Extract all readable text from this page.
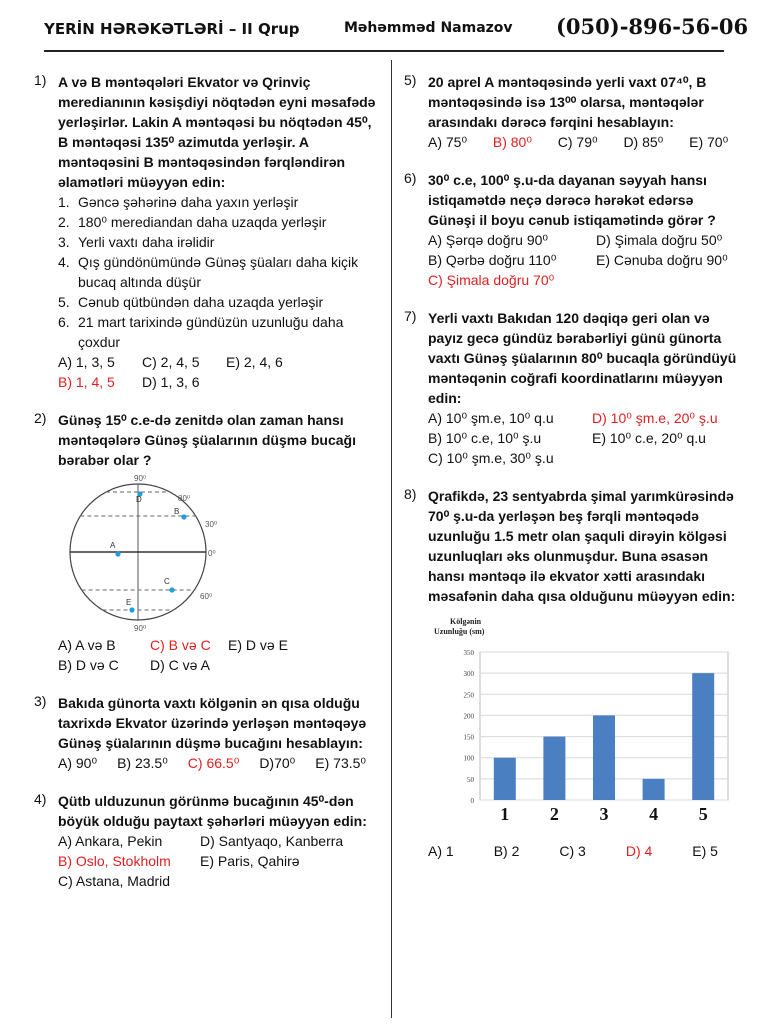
YERİN HƏRƏKƏTLƏRİ – II Qrup	Məhəmməd Namazov (050)-896-56-06
1) A və B məntəqələri Ekvator və Qrinviç meredianının kəsişdiyi nöqtədən eyni məsafədə yerləşirlər. Lakin A məntəqəsi bu nöqtədən 45⁰, B məntəqəsi 135⁰ azimutda yerləşir. A məntəqəsini B məntəqəsindən fərqləndirən əlamətləri müəyyən edin:
1. Gəncə şəhərinə daha yaxın yerləşir
2. 180⁰ merediandan daha uzaqda yerləşir
3. Yerli vaxtı daha irəlidir
4. Qış gündönümündə Günəş şüaları daha kiçik bucaq altında düşür
5. Cənub qütbündən daha uzaqda yerləşir
6. 21 mart tarixində gündüzün uzunluğu daha çoxdur
A) 1, 3, 5	C) 2, 4, 5	E) 2, 4, 6
B) 1, 4, 5	D) 1, 3, 6
2) Günəş 15⁰ c.e-də zenitdə olan zaman hansı məntəqələrə Günəş şüalarının düşmə bucağı bərabər olar ?
90⁰
80⁰
30⁰
0⁰
60⁰
90⁰
D
B
A
C
E
A) A və B	C) B və C	E) D və E
B) D və C	D) C və A
3) Bakıda günorta vaxtı kölgənin ən qısa olduğu taxrixdə Ekvator üzərində yerləşən məntəqəyə Günəş şüalarının düşmə bucağını hesablayın:
A) 90⁰ B) 23.5⁰ C) 66.5⁰ D)70⁰ E) 73.5⁰
4) Qütb ulduzunun görünmə bucağının 45⁰-dən böyük olduğu paytaxt şəhərləri müəyyən edin:
A) Ankara, Pekin	D) Santyaqo, Kanberra
B) Oslo, Stokholm	E) Paris, Qahirə
C) Astana, Madrid
5) 20 aprel A məntəqəsində yerli vaxt 07⁴⁰, B məntəqəsində isə 13⁰⁰ olarsa, məntəqələr arasındakı dərəcə fərqini hesablayın:
A) 75⁰ B) 80⁰ C) 79⁰ D) 85⁰ E) 70⁰
6) 30⁰ c.e, 100⁰ ş.u-da dayanan səyyah hansı istiqamətdə neçə dərəcə hərəkət edərsə Günəşi il boyu cənub istiqamətində görər ?
A) Şərqə doğru 90⁰	D) Şimala doğru 50⁰
B) Qərbə doğru 110⁰	E) Cənuba doğru 90⁰
C) Şimala doğru 70⁰
7) Yerli vaxtı Bakıdan 120 dəqiqə geri olan və payız gecə gündüz bərabərliyi günü günorta vaxtı Günəş şüalarının 80⁰ bucaqla göründüyü məntəqənin coğrafi koordinatlarını müəyyən edin:
A) 10⁰ şm.e, 10⁰ q.u	D) 10⁰ şm.e, 20⁰ ş.u
B) 10⁰ c.e, 10⁰ ş.u	E) 10⁰ c.e, 20⁰ q.u
C) 10⁰ şm.e, 30⁰ ş.u
8) Qrafikdə, 23 sentyabrda şimal yarımkürəsində 70⁰ ş.u-da yerləşən beş fərqli məntəqədə uzunluğu 1.5 metr olan şaquli dirəyin kölgəsi uzunluqları əks olunmuşdur. Buna əsasən hansı məntəqə ilə ekvator xətti arasındakı məsafənin daha qısa olduğunu müəyyən edin:
Kölgənin
Uzunluğu (sm)
0
50
100
150
200
250
300
350
1 2 3 4 5
A) 1	B) 2	C) 3	D) 4	E) 5
